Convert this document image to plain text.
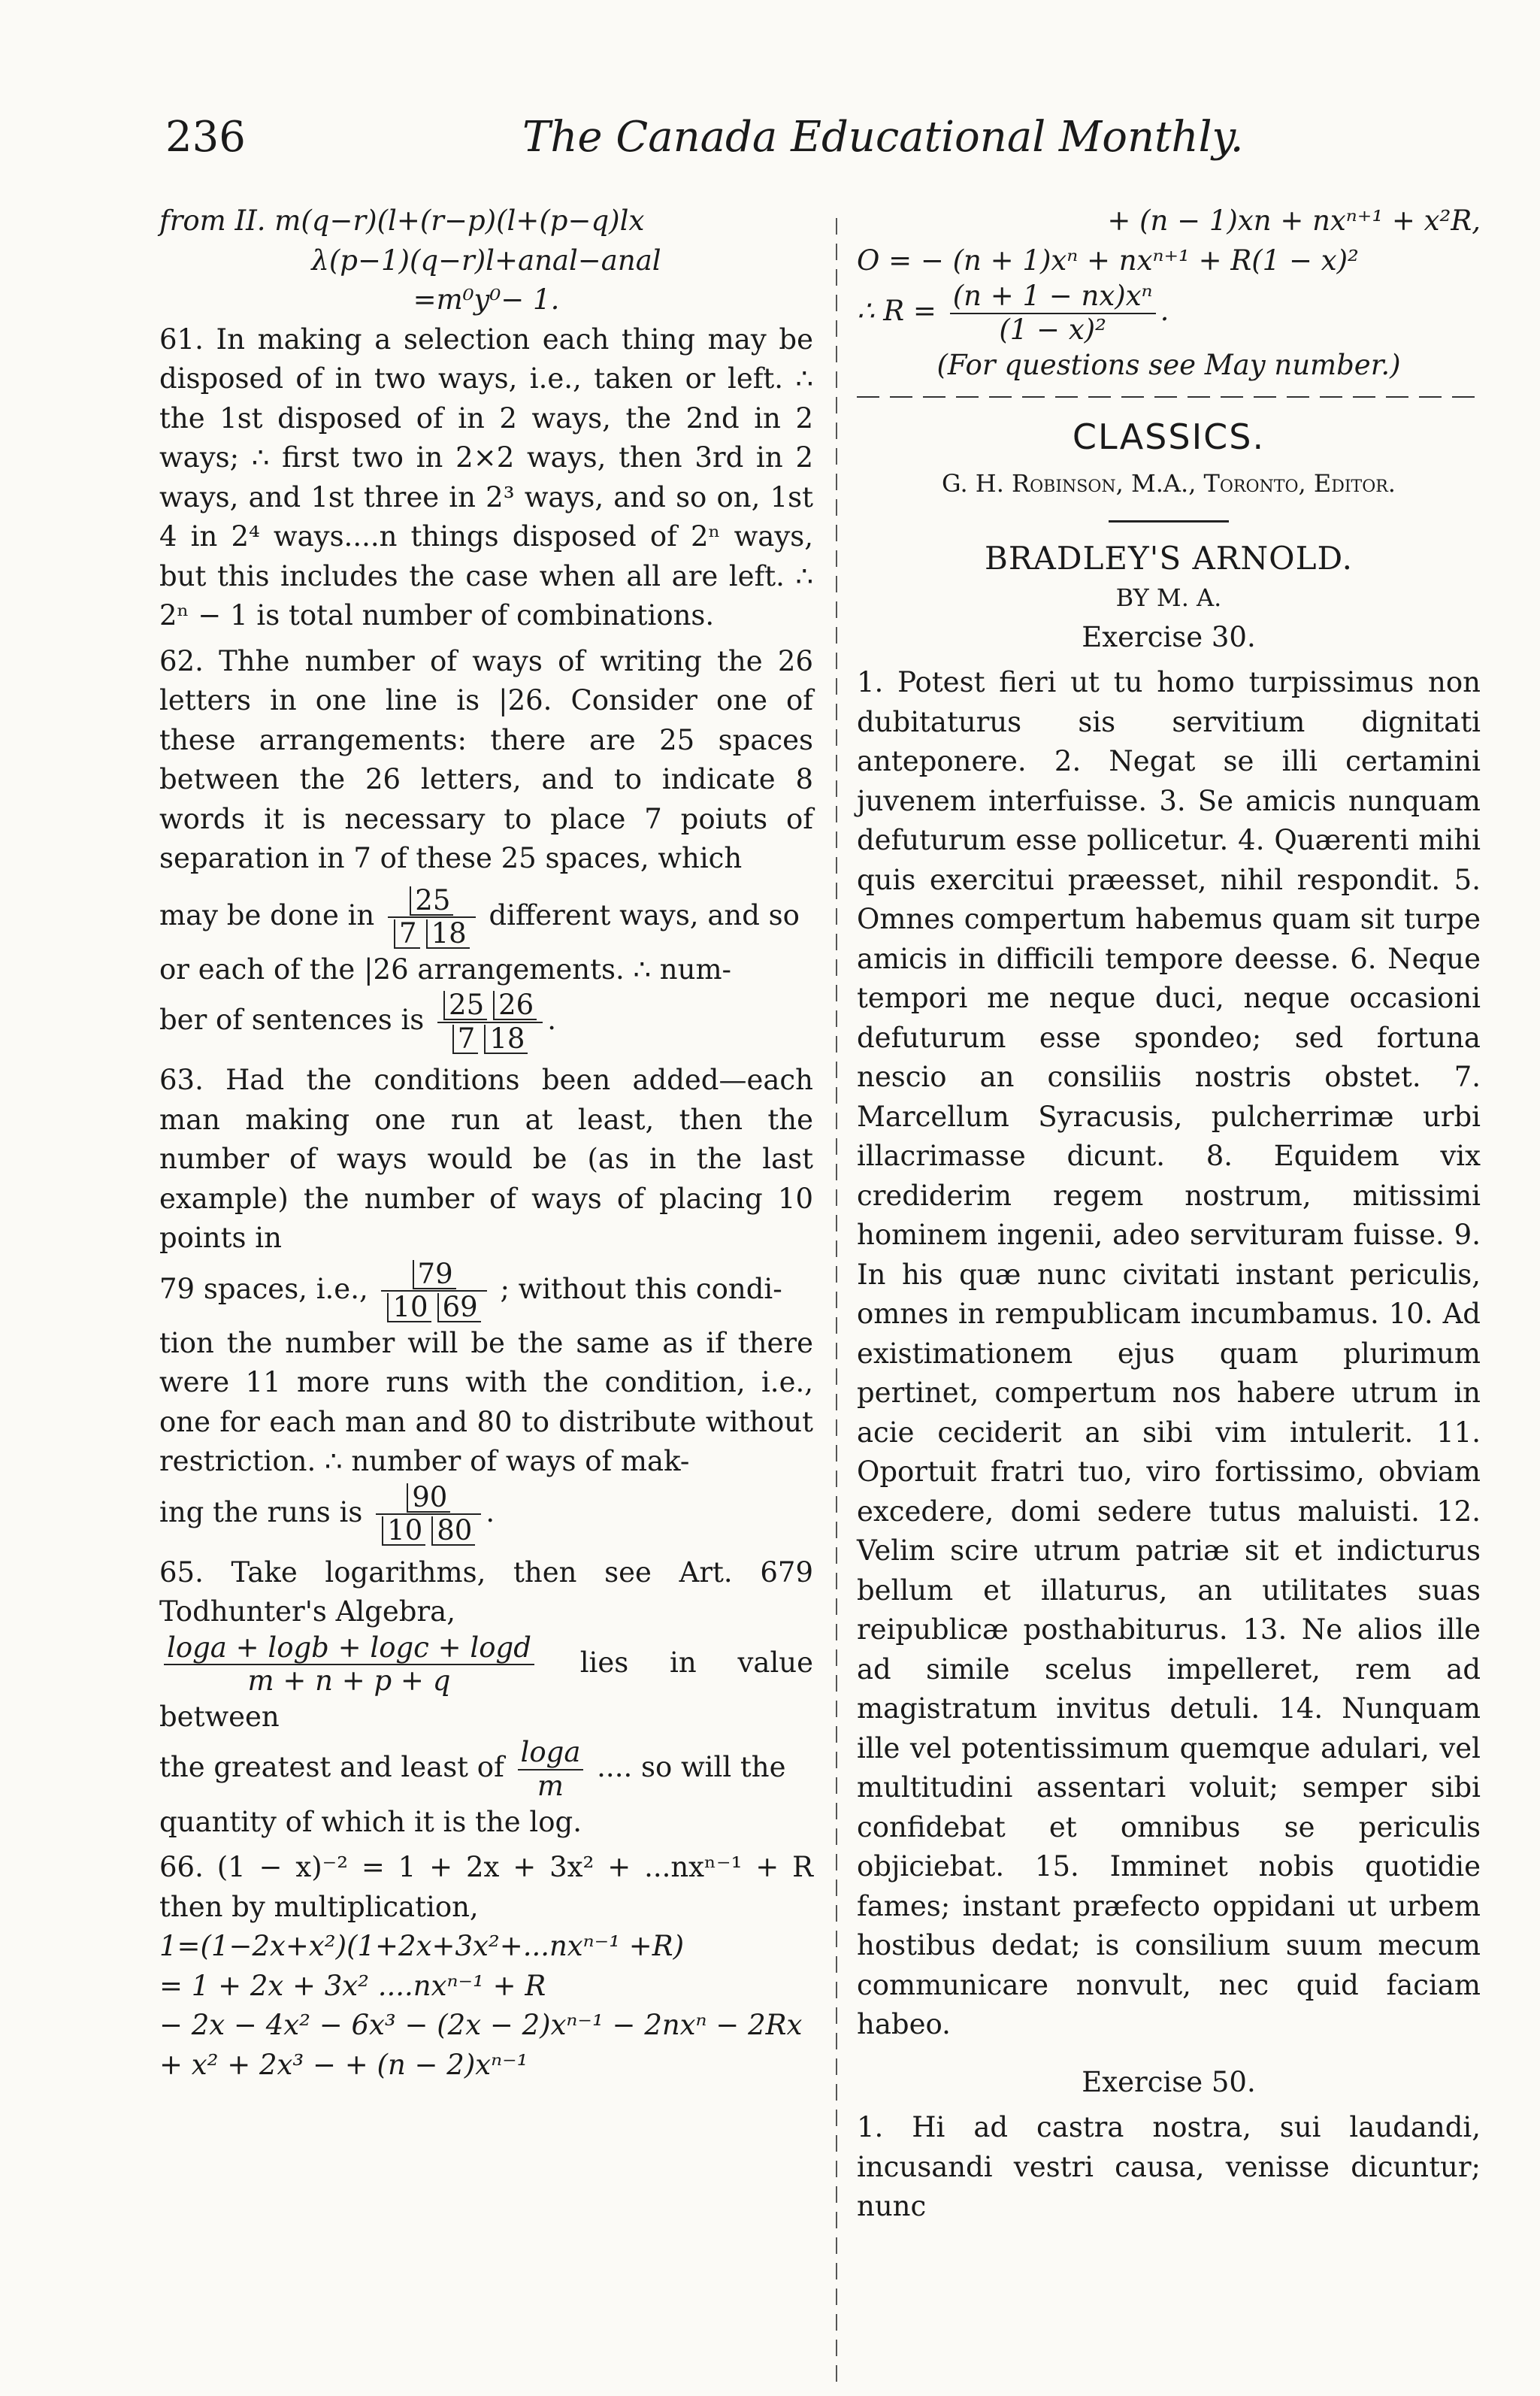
236	The Canada Educational Monthly.

from II. m(q−r)(l+(r−p)(l+(p−q)lx

λ(p−1)(q−r)l+anal−anal

=m⁰y⁰− 1.

61. In making a selection each thing may be disposed of in two ways, i.e., taken or left. ∴ the 1st disposed of in 2 ways, the 2nd in 2 ways; ∴ first two in 2×2 ways, then 3rd in 2 ways, and 1st three in 2³ ways, and so on, 1st 4 in 2⁴ ways....n things disposed of 2ⁿ ways, but this includes the case when all are left. ∴ 2ⁿ − 1 is total number of combinations.

62. Thhe number of ways of writing the 26 letters in one line is |26. Consider one of these arrangements: there are 25 spaces between the 26 letters, and to indicate 8 words it is necessary to place 7 poiuts of separation in 7 of these 25 spaces, which

may be done in $\frac{25}{7 18}$ different ways, and so

or each of the |26 arrangements. ∴ num-

ber of sentences is $\frac{25 26}{7 18}$ .

63. Had the conditions been added—each man making one run at least, then the number of ways would be (as in the last example) the number of ways of placing 10 points in

79 spaces, i.e., $\frac{79}{10 69}$ ; without this condi-

tion the number will be the same as if there were 11 more runs with the condition, i.e., one for each man and 80 to distribute without restriction. ∴ number of ways of mak-

ing the runs is $\frac{90}{10 80}$ .

65. Take logarithms, then see Art. 679 Todhunter's Algebra,

$\frac{\log a + \log b + \log c + \log d}{m + n + p + q}$ lies in value between

the greatest and least of $\frac{\log a}{m}$ .... so will the

quantity of which it is the log.

66. (1 − x)⁻² = 1 + 2x + 3x² + ...nxⁿ⁻¹ + R then by multiplication,

1=(1−2x+x²)(1+2x+3x²+...nxⁿ⁻¹ +R)

= 1 + 2x + 3x² ....nxⁿ⁻¹ + R

− 2x − 4x² − 6x³ − (2x − 2)xⁿ⁻¹ − 2nxⁿ − 2Rx

+ x² + 2x³ − + (n − 2)xⁿ⁻¹

+ (n − 1)xn + nxⁿ⁺¹ + x²R,

O = − (n + 1)xⁿ + nxⁿ⁺¹ + R(1 − x)²

∴ $R = \frac{\text{(n + 1 − nx)xⁿ}}{\text{(1 − x)²}}$ .

(For questions see May number.)

CLASSICS.

G. H. Robinson, M.A., Toronto, Editor.

BRADLEY'S ARNOLD.

BY M. A.

Exercise 30.

1. Potest fieri ut tu homo turpissimus non dubitaturus sis servitium dignitati anteponere. 2. Negat se illi certamini juvenem interfuisse. 3. Se amicis nunquam defuturum esse pollicetur. 4. Quærenti mihi quis exercitui præesset, nihil respondit. 5. Omnes compertum habemus quam sit turpe amicis in difficili tempore deesse. 6. Neque tempori me neque duci, neque occasioni defuturum esse spondeo; sed fortuna nescio an consiliis nostris obstet. 7. Marcellum Syracusis, pulcherrimæ urbi illacrimasse dicunt. 8. Equidem vix crediderim regem nostrum, mitissimi hominem ingenii, adeo servituram fuisse. 9. In his quæ nunc civitati instant periculis, omnes in rempublicam incumbamus. 10. Ad existimationem ejus quam plurimum pertinet, compertum nos habere utrum in acie ceciderit an sibi vim intulerit. 11. Oportuit fratri tuo, viro fortissimo, obviam excedere, domi sedere tutus maluisti. 12. Velim scire utrum patriæ sit et indicturus bellum et illaturus, an utilitates suas reipublicæ posthabiturus. 13. Ne alios ille ad simile scelus impelleret, rem ad magistratum invitus detuli. 14. Nunquam ille vel potentissimum quemque adulari, vel multitudini assentari voluit; semper sibi confidebat et omnibus se periculis objiciebat. 15. Imminet nobis quotidie fames; instant præfecto oppidani ut urbem hostibus dedat; is consilium suum mecum communicare nonvult, nec quid faciam habeo.

Exercise 50.

1. Hi ad castra nostra, sui laudandi, incusandi vestri causa, venisse dicuntur; nunc
